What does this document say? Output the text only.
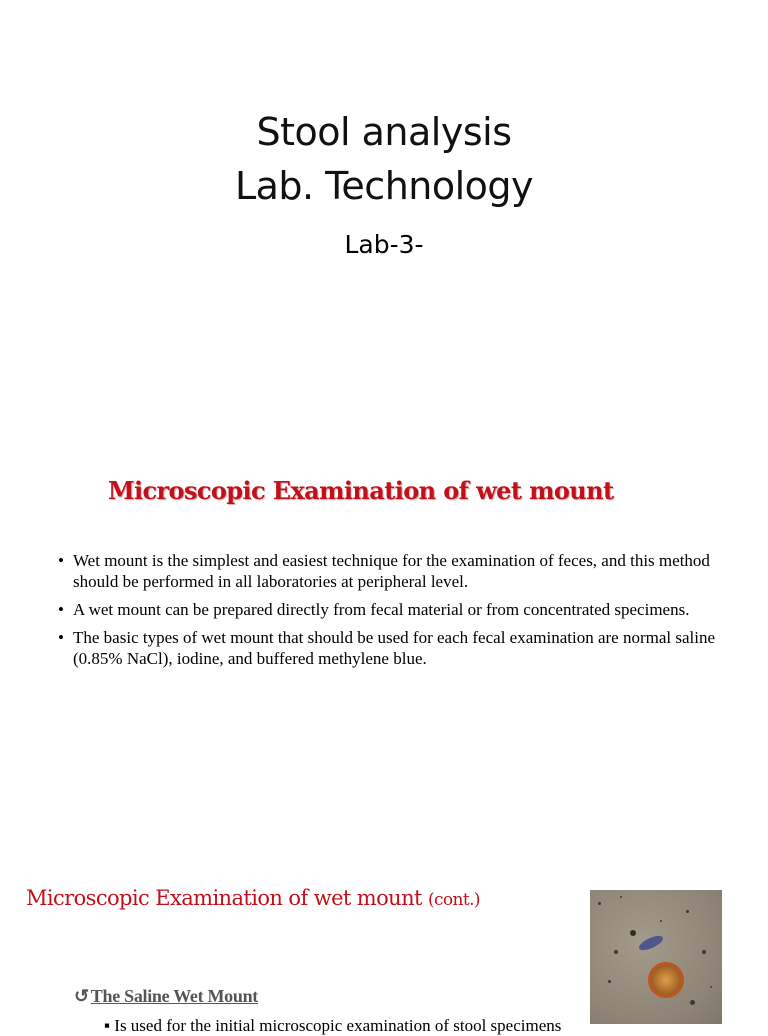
Stool analysis
Lab. Technology
Lab-3-
Microscopic Examination of wet mount
• Wet mount is the simplest and easiest technique for the examination of feces, and this method should be performed in all laboratories at peripheral level.
• A wet mount can be prepared directly from fecal material or from concentrated specimens.
• The basic types of wet mount that should be used for each fecal examination are normal saline (0.85% NaCl), iodine, and buffered methylene blue.
Microscopic Examination of wet mount (cont.)
↺ The Saline Wet Mount
▪ Is used for the initial microscopic examination of stool specimens
